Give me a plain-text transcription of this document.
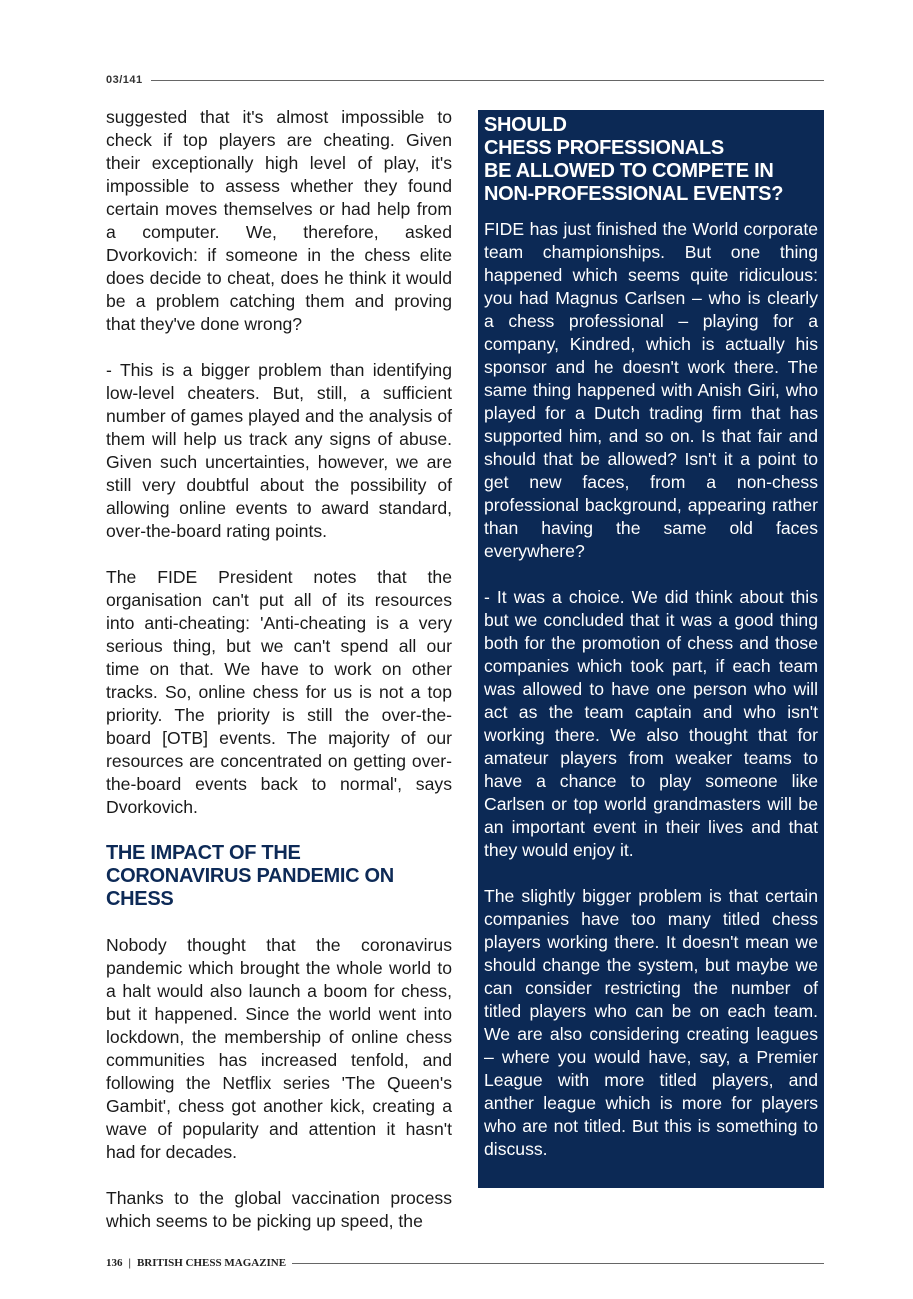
03/141

suggested that it's almost impossible to check if top players are cheating. Given their exceptionally high level of play, it's impossible to assess whether they found certain moves themselves or had help from a computer. We, therefore, asked Dvorkovich: if someone in the chess elite does decide to cheat, does he think it would be a problem catching them and proving that they've done wrong?

- This is a bigger problem than identifying low-level cheaters. But, still, a sufficient number of games played and the analysis of them will help us track any signs of abuse. Given such uncertainties, however, we are still very doubtful about the possibility of allowing online events to award standard, over-the-board rating points.

The FIDE President notes that the organisation can't put all of its resources into anti-cheating: 'Anti-cheating is a very serious thing, but we can't spend all our time on that. We have to work on other tracks. So, online chess for us is not a top priority. The priority is still the over-the-board [OTB] events. The majority of our resources are concentrated on getting over-the-board events back to normal', says Dvorkovich.

THE IMPACT OF THE
CORONAVIRUS PANDEMIC ON CHESS

Nobody thought that the coronavirus pandemic which brought the whole world to a halt would also launch a boom for chess, but it happened. Since the world went into lockdown, the membership of online chess communities has increased tenfold, and following the Netflix series 'The Queen's Gambit', chess got another kick, creating a wave of popularity and attention it hasn't had for decades.

Thanks to the global vaccination process which seems to be picking up speed, the

SHOULD
CHESS PROFESSIONALS
BE ALLOWED TO COMPETE IN
NON-PROFESSIONAL EVENTS?

FIDE has just finished the World corporate team championships. But one thing happened which seems quite ridiculous: you had Magnus Carlsen – who is clearly a chess professional – playing for a company, Kindred, which is actually his sponsor and he doesn't work there. The same thing happened with Anish Giri, who played for a Dutch trading firm that has supported him, and so on. Is that fair and should that be allowed? Isn't it a point to get new faces, from a non-chess professional background, appearing rather than having the same old faces everywhere?

- It was a choice. We did think about this but we concluded that it was a good thing both for the promotion of chess and those companies which took part, if each team was allowed to have one person who will act as the team captain and who isn't working there. We also thought that for amateur players from weaker teams to have a chance to play someone like Carlsen or top world grandmasters will be an important event in their lives and that they would enjoy it.

The slightly bigger problem is that certain companies have too many titled chess players working there. It doesn't mean we should change the system, but maybe we can consider restricting the number of titled players who can be on each team. We are also considering creating leagues – where you would have, say, a Premier League with more titled players, and anther league which is more for players who are not titled. But this is something to discuss.

136 | BRITISH CHESS MAGAZINE
